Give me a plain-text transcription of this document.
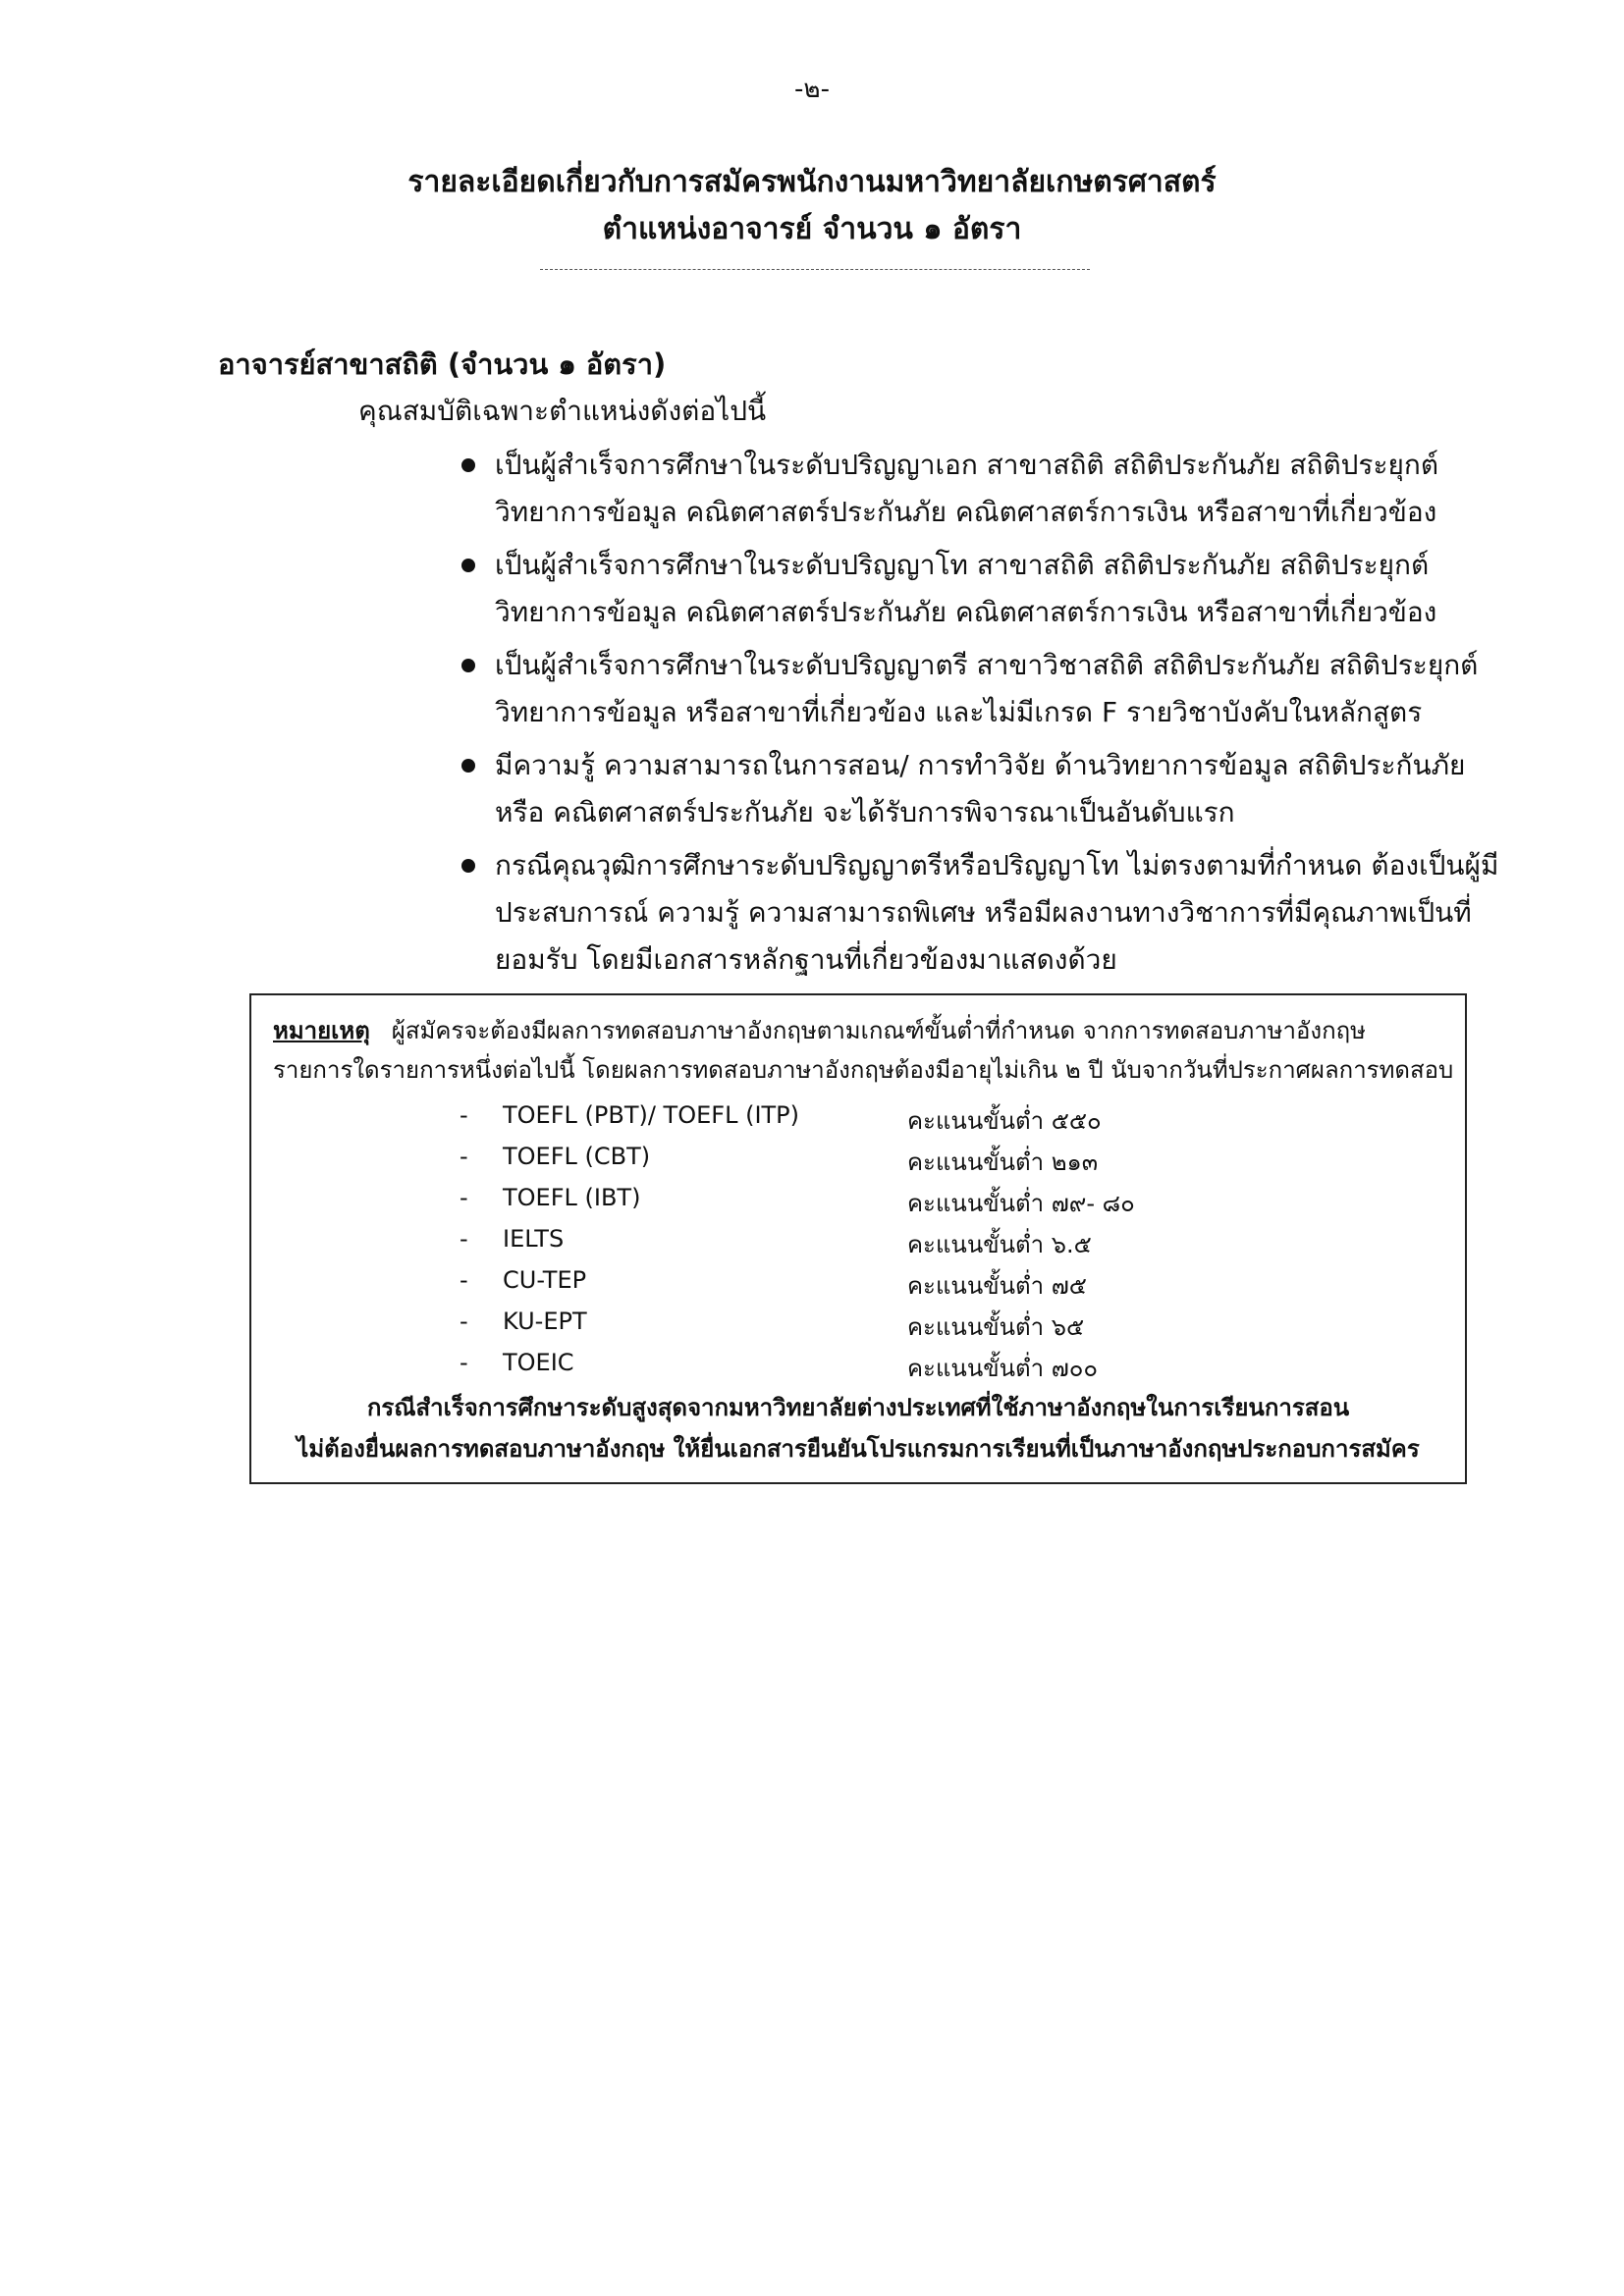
-๒-
รายละเอียดเกี่ยวกับการสมัครพนักงานมหาวิทยาลัยเกษตรศาสตร์
ตำแหน่งอาจารย์ จำนวน ๑ อัตรา
อาจารย์สาขาสถิติ (จำนวน ๑ อัตรา)
คุณสมบัติเฉพาะตำแหน่งดังต่อไปนี้
เป็นผู้สำเร็จการศึกษาในระดับปริญญาเอก สาขาสถิติ สถิติประกันภัย สถิติประยุกต์ วิทยาการข้อมูล คณิตศาสตร์ประกันภัย คณิตศาสตร์การเงิน หรือสาขาที่เกี่ยวข้อง
เป็นผู้สำเร็จการศึกษาในระดับปริญญาโท สาขาสถิติ สถิติประกันภัย สถิติประยุกต์ วิทยาการข้อมูล คณิตศาสตร์ประกันภัย คณิตศาสตร์การเงิน หรือสาขาที่เกี่ยวข้อง
เป็นผู้สำเร็จการศึกษาในระดับปริญญาตรี สาขาวิชาสถิติ สถิติประกันภัย สถิติประยุกต์ วิทยาการข้อมูล หรือสาขาที่เกี่ยวข้อง และไม่มีเกรด F รายวิชาบังคับในหลักสูตร
มีความรู้ ความสามารถในการสอน/ การทำวิจัย ด้านวิทยาการข้อมูล สถิติประกันภัย หรือ คณิตศาสตร์ประกันภัย จะได้รับการพิจารณาเป็นอันดับแรก
กรณีคุณวุฒิการศึกษาระดับปริญญาตรีหรือปริญญาโท ไม่ตรงตามที่กำหนด ต้องเป็นผู้มีประสบการณ์ ความรู้ ความสามารถพิเศษ หรือมีผลงานทางวิชาการที่มีคุณภาพเป็นที่ยอมรับ โดยมีเอกสารหลักฐานที่เกี่ยวข้องมาแสดงด้วย
หมายเหตุ ผู้สมัครจะต้องมีผลการทดสอบภาษาอังกฤษตามเกณฑ์ขั้นต่ำที่กำหนด จากการทดสอบภาษาอังกฤษ
รายการใดรายการหนึ่งต่อไปนี้ โดยผลการทดสอบภาษาอังกฤษต้องมีอายุไม่เกิน ๒ ปี นับจากวันที่ประกาศผลการทดสอบ
- TOEFL (PBT)/ TOEFL (ITP)	คะแนนขั้นต่ำ ๕๕๐
- TOEFL (CBT)	คะแนนขั้นต่ำ ๒๑๓
- TOEFL (IBT)	คะแนนขั้นต่ำ ๗๙- ๘๐
- IELTS	คะแนนขั้นต่ำ ๖.๕
- CU-TEP	คะแนนขั้นต่ำ ๗๕
- KU-EPT	คะแนนขั้นต่ำ ๖๕
- TOEIC	คะแนนขั้นต่ำ ๗๐๐
กรณีสำเร็จการศึกษาระดับสูงสุดจากมหาวิทยาลัยต่างประเทศที่ใช้ภาษาอังกฤษในการเรียนการสอน
ไม่ต้องยื่นผลการทดสอบภาษาอังกฤษ ให้ยื่นเอกสารยืนยันโปรแกรมการเรียนที่เป็นภาษาอังกฤษประกอบการสมัคร
